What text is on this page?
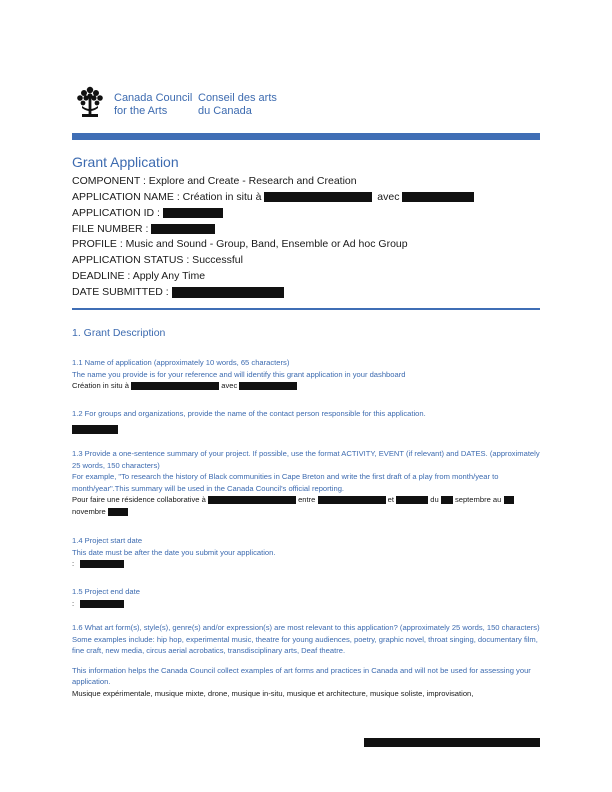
Canada Council
for the Arts
Conseil des arts
du Canada
Grant Application
COMPONENT : Explore and Create - Research and Creation
APPLICATION NAME : Création in situ à	avec
APPLICATION ID :
FILE NUMBER :
PROFILE : Music and Sound - Group, Band, Ensemble or Ad hoc Group
APPLICATION STATUS : Successful
DEADLINE : Apply Any Time
DATE SUBMITTED :
1. Grant Description
1.1 Name of application (approximately 10 words, 65 characters)
The name you provide is for your reference and will identify this grant application in your dashboard
Création in situ à	avec
1.2 For groups and organizations, provide the name of the contact person responsible for this application.
1.3 Provide a one-sentence summary of your project. If possible, use the format ACTIVITY, EVENT (if relevant) and DATES. (approximately 25 words, 150 characters)
For example, "To research the history of Black communities in Cape Breton and write the first draft of a play from month/year to month/year".This summary will be used in the Canada Council's official reporting.
Pour faire une résidence collaborative à	entre	et	du septembre au  novembre
1.4 Project start date
This date must be after the date you submit your application.
:
1.5 Project end date
:
1.6 What art form(s), style(s), genre(s) and/or expression(s) are most relevant to this application? (approximately 25 words, 150 characters)
Some examples include: hip hop, experimental music, theatre for young audiences, poetry, graphic novel, throat singing, documentary film, fine craft, new media, circus aerial acrobatics, transdisciplinary arts, Deaf theatre.
This information helps the Canada Council collect examples of art forms and practices in Canada and will not be used for assessing your application.
Musique expérimentale, musique mixte, drone, musique in-situ, musique et architecture, musique soliste, improvisation,
